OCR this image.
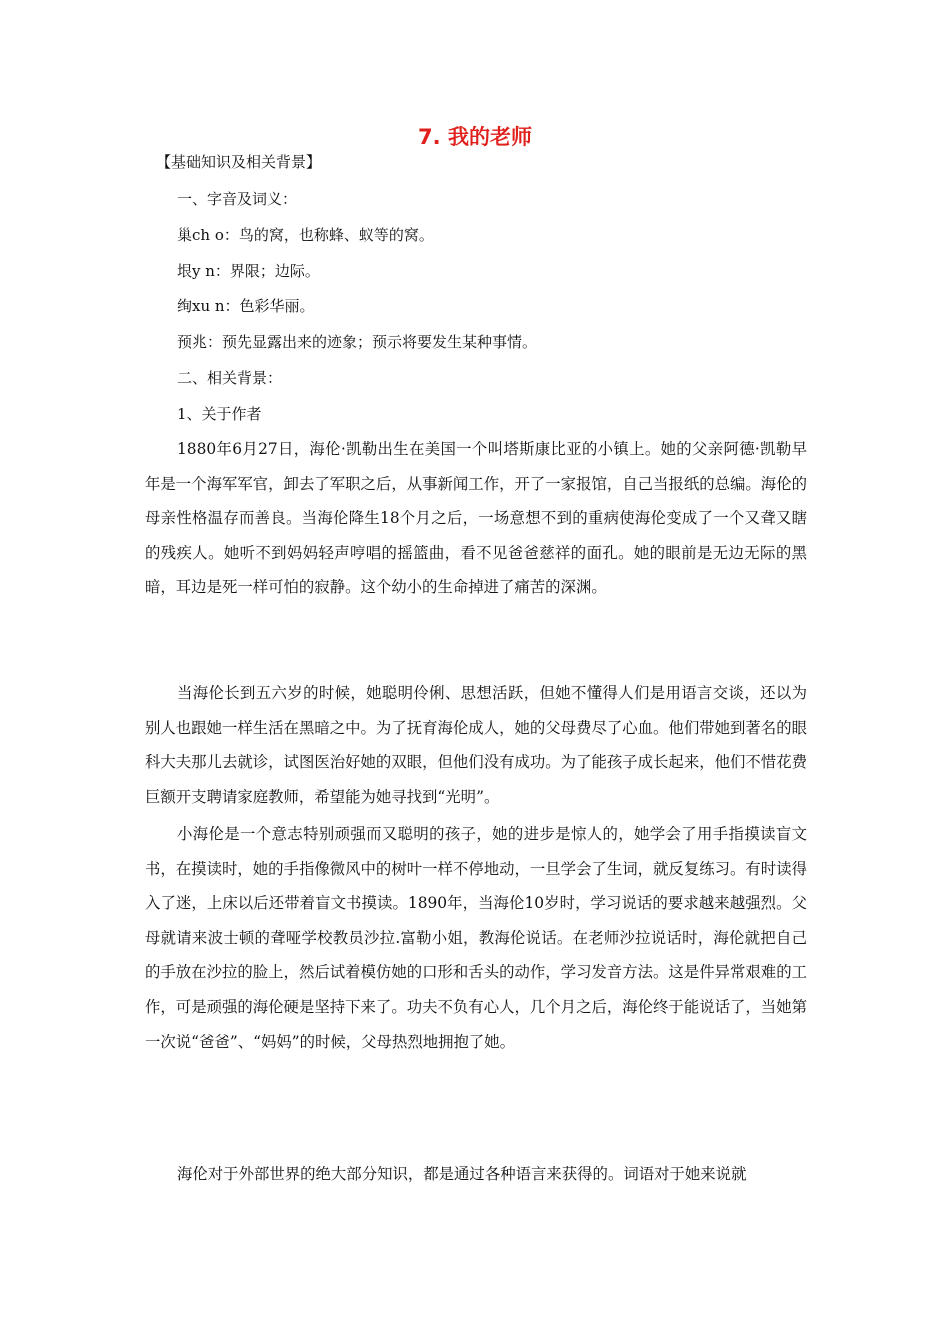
7. 我的老师

【基础知识及相关背景】

一、字音及词义：

巢ch o：鸟的窝，也称蜂、蚁等的窝。

垠y n：界限；边际。

绚xu n：色彩华丽。

预兆：预先显露出来的迹象；预示将要发生某种事情。

二、相关背景：

1、关于作者

1880年6月27日，海伦·凯勒出生在美国一个叫塔斯康比亚的小镇上。她的父亲阿德·凯勒早年是一个海军军官，卸去了军职之后，从事新闻工作，开了一家报馆，自己当报纸的总编。海伦的母亲性格温存而善良。当海伦降生18个月之后，一场意想不到的重病使海伦变成了一个又聋又瞎的残疾人。她听不到妈妈轻声哼唱的摇篮曲，看不见爸爸慈祥的面孔。她的眼前是无边无际的黑暗，耳边是死一样可怕的寂静。这个幼小的生命掉进了痛苦的深渊。

当海伦长到五六岁的时候，她聪明伶俐、思想活跃，但她不懂得人们是用语言交谈，还以为别人也跟她一样生活在黑暗之中。为了抚育海伦成人，她的父母费尽了心血。他们带她到著名的眼科大夫那儿去就诊，试图医治好她的双眼，但他们没有成功。为了能孩子成长起来，他们不惜花费巨额开支聘请家庭教师，希望能为她寻找到“光明”。

小海伦是一个意志特别顽强而又聪明的孩子，她的进步是惊人的，她学会了用手指摸读盲文书，在摸读时，她的手指像微风中的树叶一样不停地动，一旦学会了生词，就反复练习。有时读得入了迷，上床以后还带着盲文书摸读。1890年，当海伦10岁时，学习说话的要求越来越强烈。父母就请来波士顿的聋哑学校教员沙拉.富勒小姐，教海伦说话。在老师沙拉说话时，海伦就把自己的手放在沙拉的脸上，然后试着模仿她的口形和舌头的动作，学习发音方法。这是件异常艰难的工作，可是顽强的海伦硬是坚持下来了。功夫不负有心人，几个月之后，海伦终于能说话了，当她第一次说“爸爸”、“妈妈”的时候，父母热烈地拥抱了她。

海伦对于外部世界的绝大部分知识，都是通过各种语言来获得的。词语对于她来说就
